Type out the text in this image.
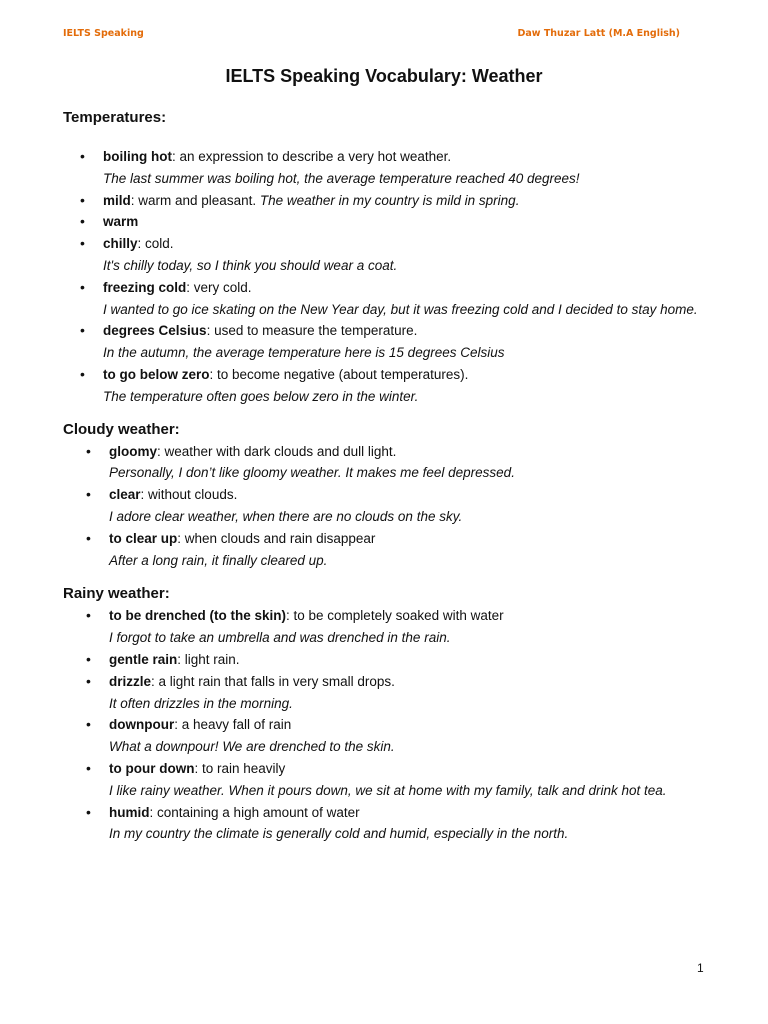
IELTS Speaking	Daw Thuzar Latt (M.A English)
IELTS Speaking Vocabulary: Weather
Temperatures:
• boiling hot: an expression to describe a very hot weather.
The last summer was boiling hot, the average temperature reached 40 degrees!
• mild: warm and pleasant. The weather in my country is mild in spring.
• warm
• chilly: cold.
It's chilly today, so I think you should wear a coat.
• freezing cold: very cold.
I wanted to go ice skating on the New Year day, but it was freezing cold and I decided to stay home.
• degrees Celsius: used to measure the temperature.
In the autumn, the average temperature here is 15 degrees Celsius
• to go below zero: to become negative (about temperatures).
The temperature often goes below zero in the winter.
Cloudy weather:
• gloomy: weather with dark clouds and dull light.
Personally, I don’t like gloomy weather. It makes me feel depressed.
• clear: without clouds.
I adore clear weather, when there are no clouds on the sky.
• to clear up: when clouds and rain disappear
After a long rain, it finally cleared up.
Rainy weather:
• to be drenched (to the skin): to be completely soaked with water
I forgot to take an umbrella and was drenched in the rain.
• gentle rain: light rain.
• drizzle: a light rain that falls in very small drops.
It often drizzles in the morning.
• downpour: a heavy fall of rain
What a downpour! We are drenched to the skin.
• to pour down: to rain heavily
I like rainy weather. When it pours down, we sit at home with my family, talk and drink hot tea.
• humid: containing a high amount of water
In my country the climate is generally cold and humid, especially in the north.
1
